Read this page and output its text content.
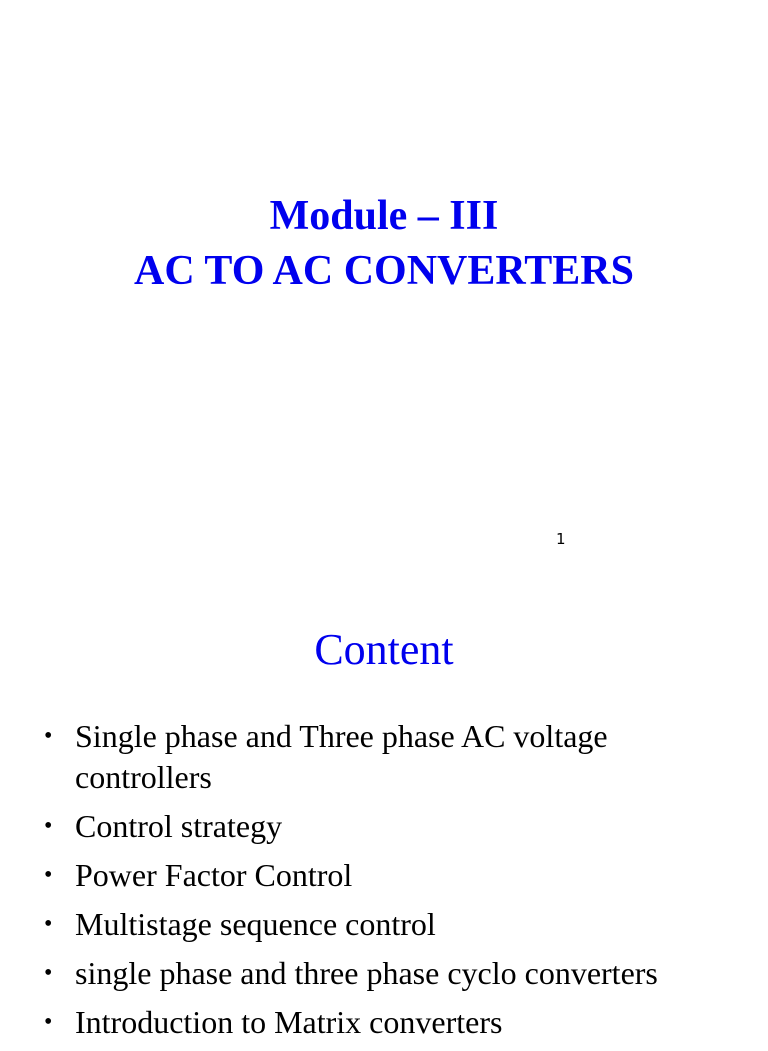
Module – III
AC TO AC CONVERTERS
1
Content
• Single phase and Three phase AC voltage controllers
• Control strategy
• Power Factor Control
• Multistage sequence control
• single phase and three phase cyclo converters
• Introduction to Matrix converters
